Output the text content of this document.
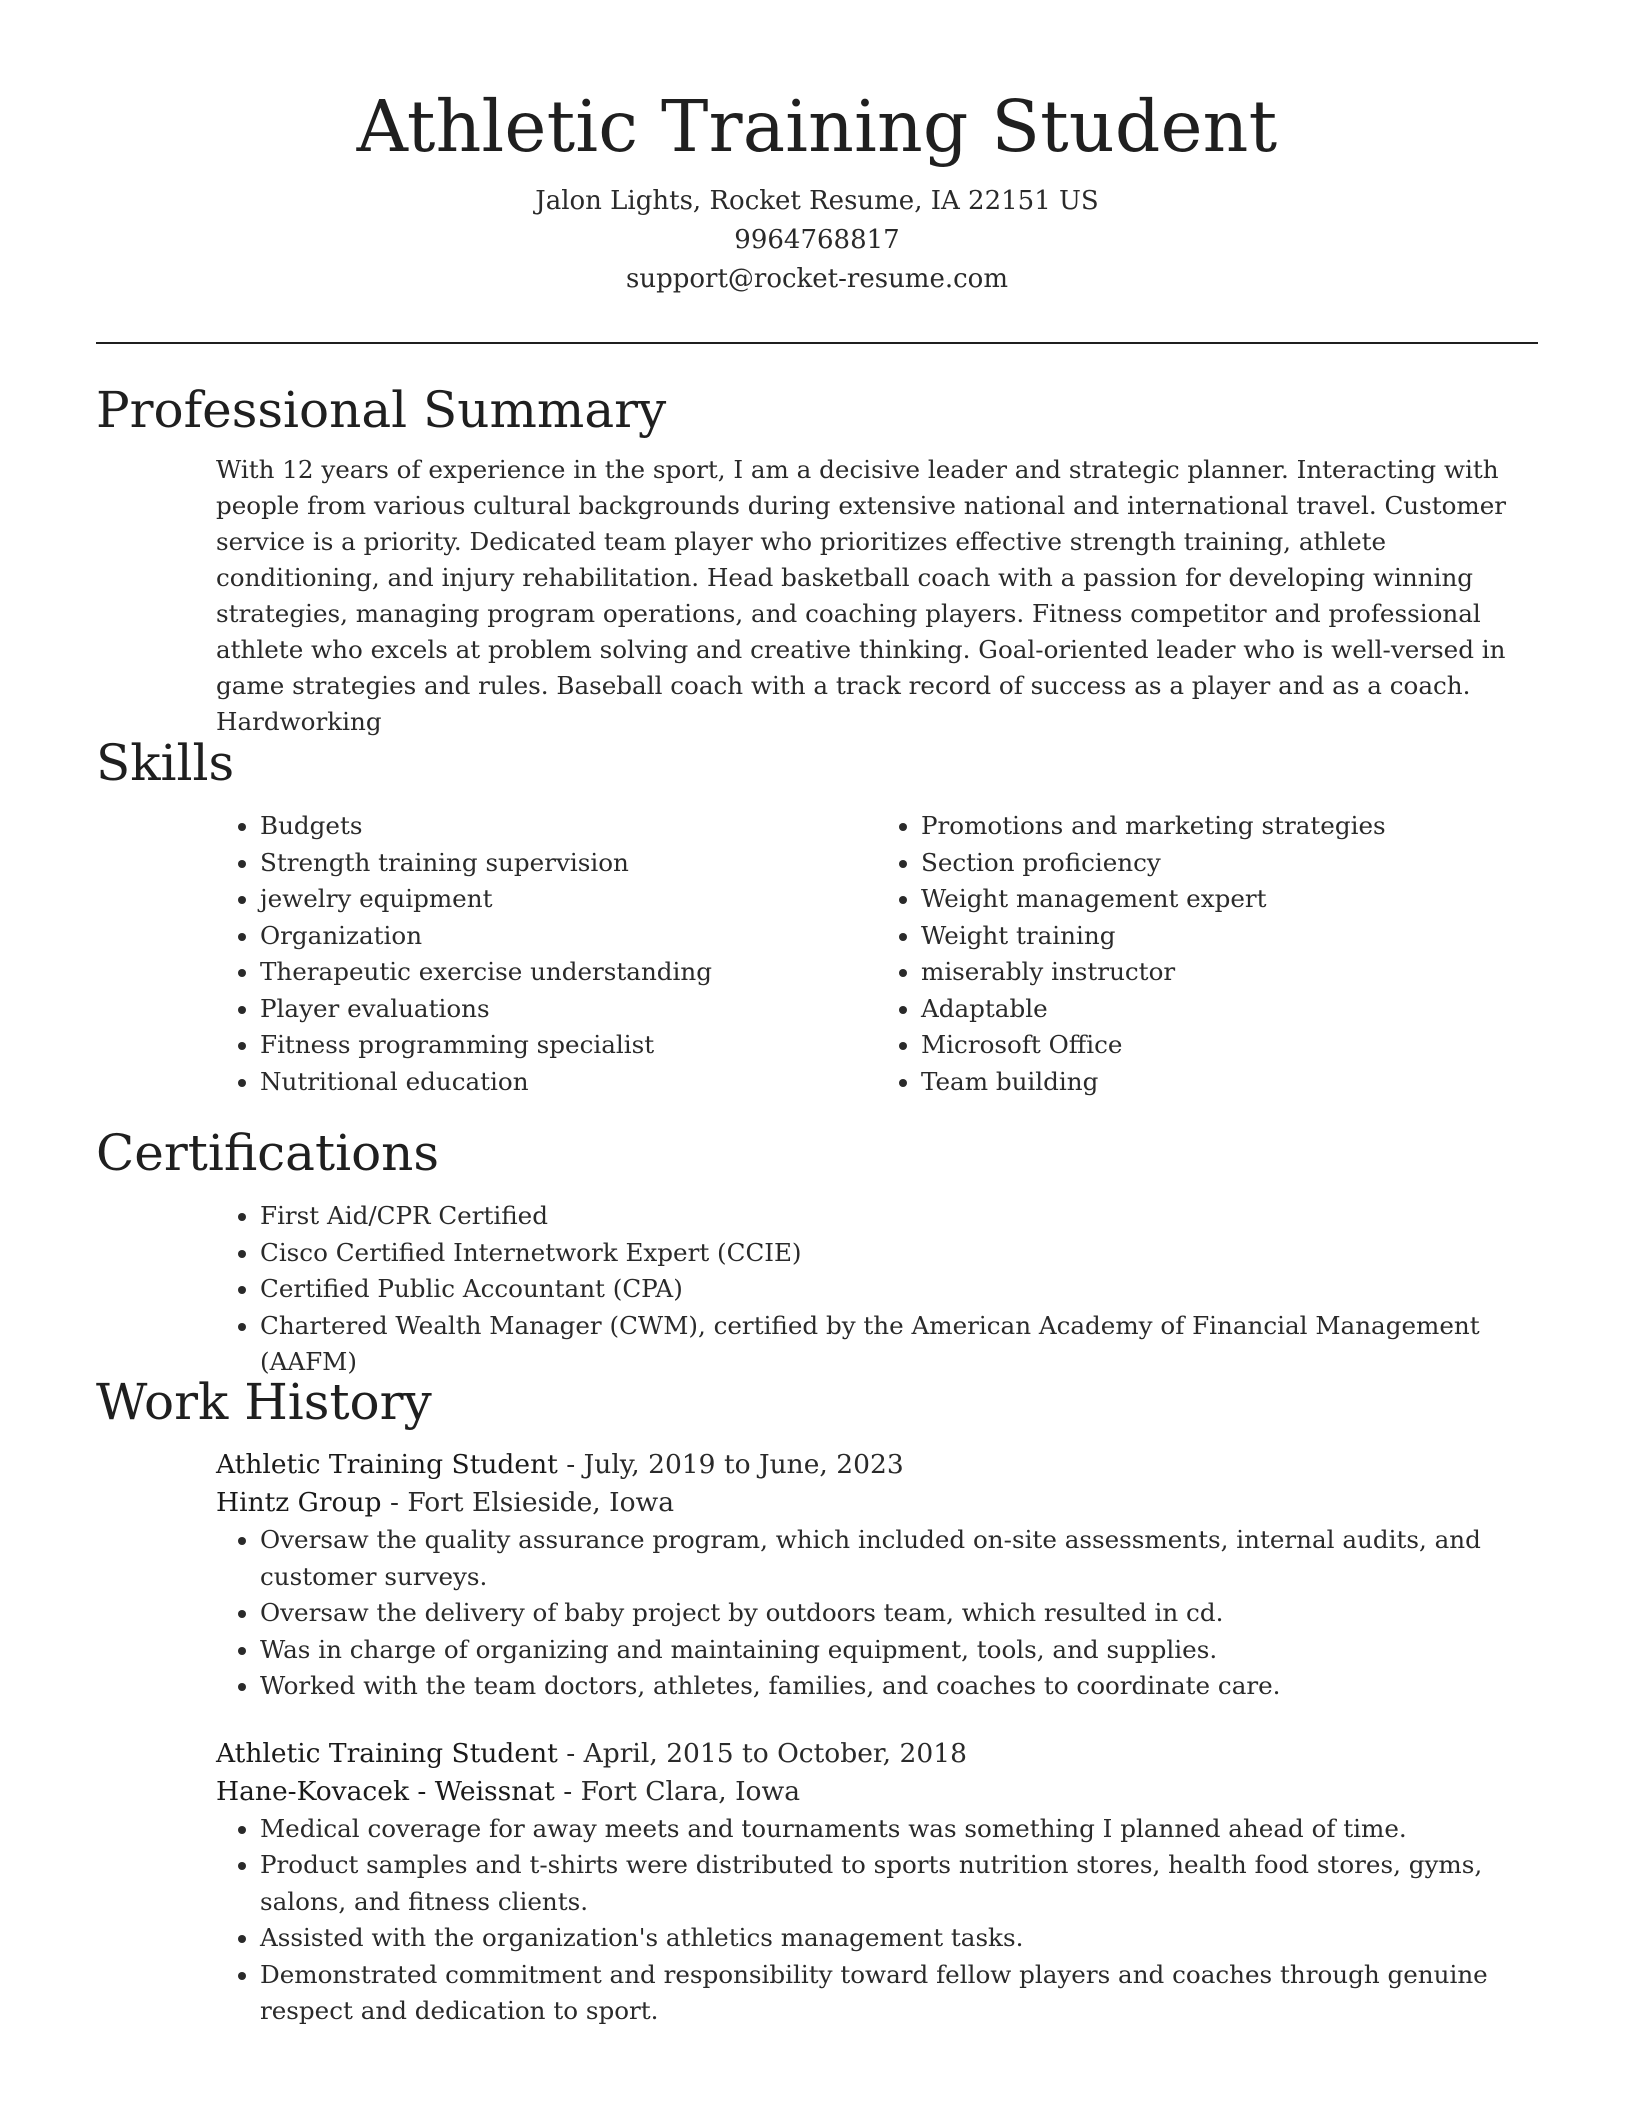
Athletic Training Student
Jalon Lights, Rocket Resume, IA 22151 US
9964768817
support@rocket-resume.com
Professional Summary

With 12 years of experience in the sport, I am a decisive leader and strategic planner. Interacting with people from various cultural backgrounds during extensive national and international travel. Customer service is a priority. Dedicated team player who prioritizes effective strength training, athlete conditioning, and injury rehabilitation. Head basketball coach with a passion for developing winning strategies, managing program operations, and coaching players. Fitness competitor and professional athlete who excels at problem solving and creative thinking. Goal-oriented leader who is well-versed in game strategies and rules. Baseball coach with a track record of success as a player and as a coach. Hardworking

Skills
• Budgets
• Strength training supervision
• jewelry equipment
• Organization
• Therapeutic exercise understanding
• Player evaluations
• Fitness programming specialist
• Nutritional education
• Promotions and marketing strategies
• Section proficiency
• Weight management expert
• Weight training
• miserably instructor
• Adaptable
• Microsoft Office
• Team building
Certifications
• First Aid/CPR Certified
• Cisco Certified Internetwork Expert (CCIE)
• Certified Public Accountant (CPA)
• Chartered Wealth Manager (CWM), certified by the American Academy of Financial Management (AAFM)
Work History
Athletic Training Student - July, 2019 to June, 2023
Hintz Group - Fort Elsieside, Iowa
• Oversaw the quality assurance program, which included on-site assessments, internal audits, and customer surveys.
• Oversaw the delivery of baby project by outdoors team, which resulted in cd.
• Was in charge of organizing and maintaining equipment, tools, and supplies.
• Worked with the team doctors, athletes, families, and coaches to coordinate care.
Athletic Training Student - April, 2015 to October, 2018
Hane-Kovacek - Weissnat - Fort Clara, Iowa
• Medical coverage for away meets and tournaments was something I planned ahead of time.
• Product samples and t-shirts were distributed to sports nutrition stores, health food stores, gyms, salons, and fitness clients.
• Assisted with the organization's athletics management tasks.
• Demonstrated commitment and responsibility toward fellow players and coaches through genuine respect and dedication to sport.
